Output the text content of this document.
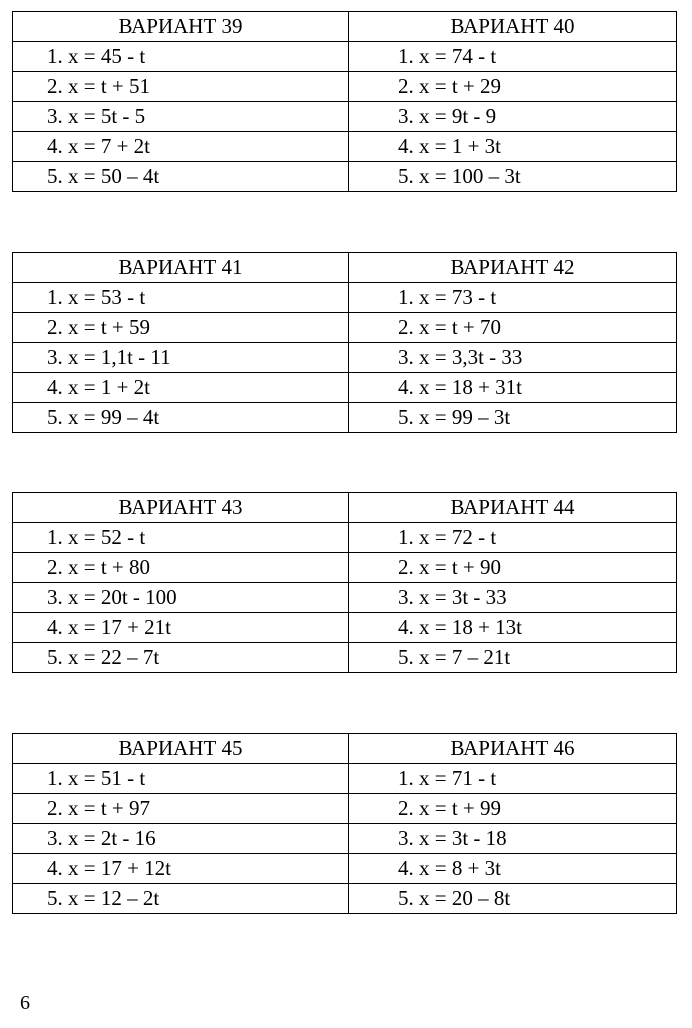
ВАРИАНТ 39	ВАРИАНТ 40
1. x = 45 - t	1. x = 74 - t
2. x = t + 51	2. x = t + 29
3. x = 5t - 5	3. x = 9t - 9
4. x = 7 + 2t	4. x = 1 + 3t
5. x = 50 – 4t	5. x = 100 – 3t
ВАРИАНТ 41	ВАРИАНТ 42
1. x = 53 - t	1. x = 73 - t
2. x = t + 59	2. x = t + 70
3. x = 1,1t - 11	3. x = 3,3t - 33
4. x = 1 + 2t	4. x = 18 + 31t
5. x = 99 – 4t	5. x = 99 – 3t
ВАРИАНТ 43	ВАРИАНТ 44
1. x = 52 - t	1. x = 72 - t
2. x = t + 80	2. x = t + 90
3. x = 20t - 100	3. x = 3t - 33
4. x = 17 + 21t	4. x = 18 + 13t
5. x = 22 – 7t	5. x = 7 – 21t
ВАРИАНТ 45	ВАРИАНТ 46
1. x = 51 - t	1. x = 71 - t
2. x = t + 97	2. x = t + 99
3. x = 2t - 16	3. x = 3t - 18
4. x = 17 + 12t	4. x = 8 + 3t
5. x = 12 – 2t	5. x = 20 – 8t
6
